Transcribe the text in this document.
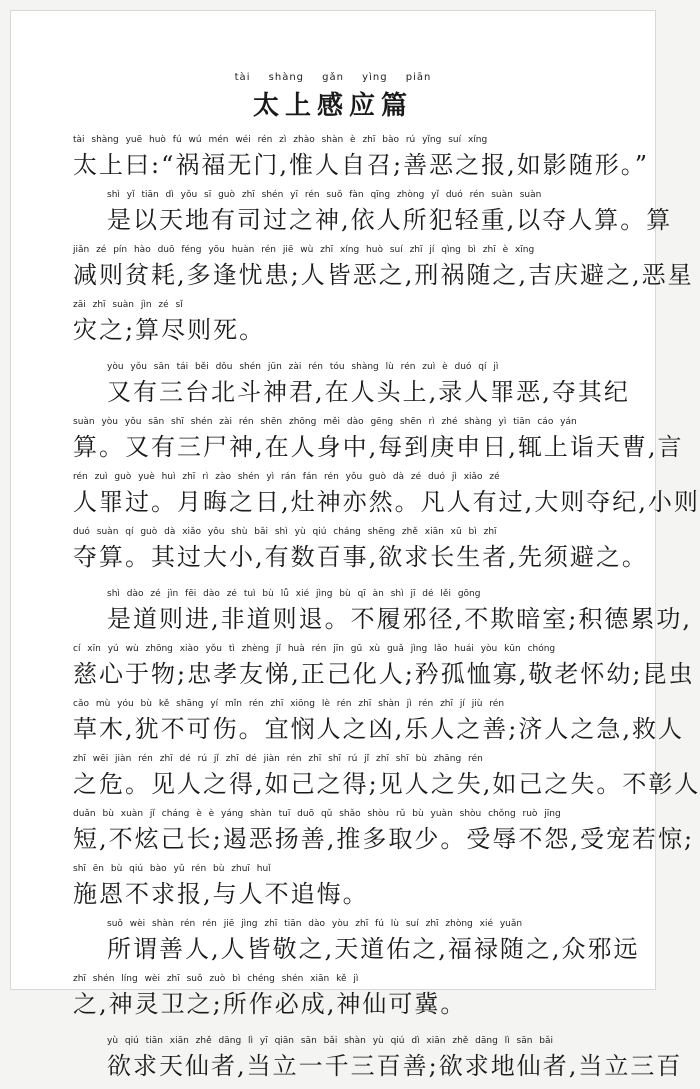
tài shàng gǎn yìng piān
太上感应篇
tài shàng yuē huò fú wú mén wéi rén zì zhào shàn è zhī bào rú yǐng suí xíng
太上曰:“祸福无门,惟人自召;善恶之报,如影随形。”
shì yǐ tiān dì yǒu sī guò zhī shén yī rén suǒ fàn qīng zhòng yǐ duó rén suàn suàn
是以天地有司过之神,依人所犯轻重,以夺人算。算
jiǎn zé pín hào duō féng yōu huàn rén jiē wù zhī xíng huò suí zhī jí qìng bì zhī è xīng
减则贫耗,多逢忧患;人皆恶之,刑祸随之,吉庆避之,恶星
zāi zhī suàn jìn zé sǐ
灾之;算尽则死。
yòu yǒu sān tái běi dǒu shén jūn zài rén tóu shàng lù rén zuì è duó qí jì
又有三台北斗神君,在人头上,录人罪恶,夺其纪
suàn yòu yǒu sān shī shén zài rén shēn zhōng měi dào gēng shēn rì zhé shàng yì tiān cáo yán
算。又有三尸神,在人身中,每到庚申日,辄上诣天曹,言
rén zuì guò yuè huì zhī rì zào shén yì rán fán rén yǒu guò dà zé duó jì xiǎo zé
人罪过。月晦之日,灶神亦然。凡人有过,大则夺纪,小则
duó suàn qí guò dà xiǎo yǒu shù bǎi shì yù qiú cháng shēng zhě xiān xū bì zhī
夺算。其过大小,有数百事,欲求长生者,先须避之。
shì dào zé jìn fēi dào zé tuì bù lǚ xié jìng bù qī àn shì jī dé lěi gōng
是道则进,非道则退。不履邪径,不欺暗室;积德累功,
cí xīn yú wù zhōng xiào yǒu tì zhèng jǐ huà rén jīn gū xù guǎ jìng lǎo huái yòu kūn chóng
慈心于物;忠孝友悌,正己化人;矜孤恤寡,敬老怀幼;昆虫
cǎo mù yóu bù kě shāng yí mǐn rén zhī xiōng lè rén zhī shàn jì rén zhī jí jiù rén
草木,犹不可伤。宜悯人之凶,乐人之善;济人之急,救人
zhī wēi jiàn rén zhī dé rú jǐ zhī dé jiàn rén zhī shī rú jǐ zhī shī bù zhāng rén
之危。见人之得,如己之得;见人之失,如己之失。不彰人
duǎn bù xuàn jǐ cháng è è yáng shàn tuī duō qǔ shǎo shòu rǔ bù yuàn shòu chǒng ruò jīng
短,不炫己长;遏恶扬善,推多取少。受辱不怨,受宠若惊;
shī ēn bù qiú bào yǔ rén bù zhuī huǐ
施恩不求报,与人不追悔。
suǒ wèi shàn rén rén jiē jìng zhī tiān dào yòu zhī fú lù suí zhī zhòng xié yuǎn
所谓善人,人皆敬之,天道佑之,福禄随之,众邪远
zhī shén líng wèi zhī suǒ zuò bì chéng shén xiān kě jì
之,神灵卫之;所作必成,神仙可冀。
yù qiú tiān xiān zhě dāng lì yī qiān sān bǎi shàn yù qiú dì xiān zhě dāng lì sān bǎi
欲求天仙者,当立一千三百善;欲求地仙者,当立三百
